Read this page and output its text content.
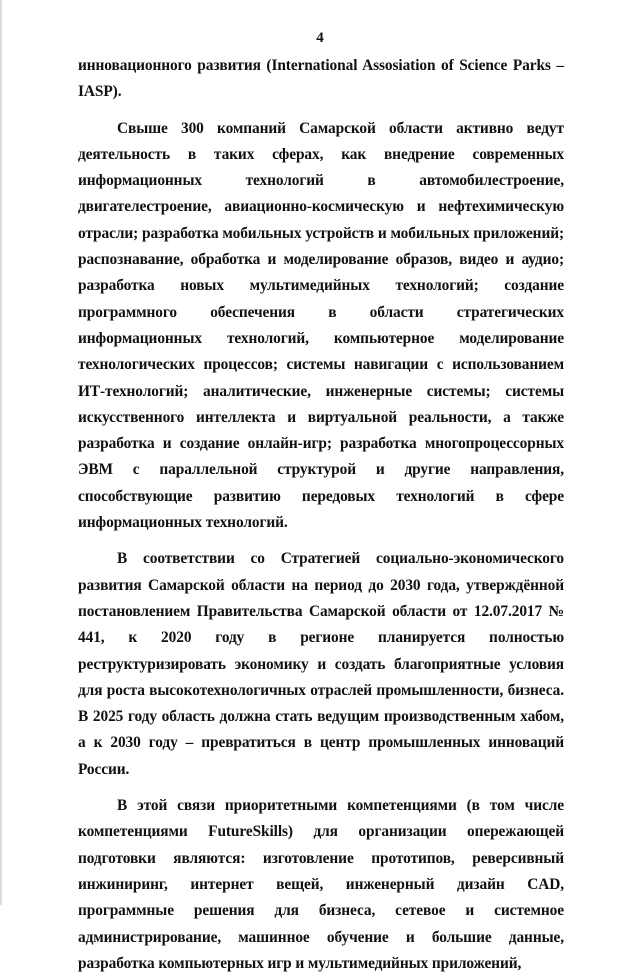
4

инновационного развития (International Assosiation of Science Parks – IASP).

Свыше 300 компаний Самарской области активно ведут деятельность в таких сферах, как внедрение современных информационных технологий в автомобилестроение, двигателестроение, авиационно-космическую и нефтехимическую отрасли; разработка мобильных устройств и мобильных приложений; распознавание, обработка и моделирование образов, видео и аудио; разработка новых мультимедийных технологий; создание программного обеспечения в области стратегических информационных технологий, компьютерное моделирование технологических процессов; системы навигации с использованием ИТ-технологий; аналитические, инженерные системы; системы искусственного интеллекта и виртуальной реальности, а также разработка и создание онлайн-игр; разработка многопроцессорных ЭВМ с параллельной структурой и другие направления, способствующие развитию передовых технологий в сфере информационных технологий.

В соответствии со Стратегией социально-экономического развития Самарской области на период до 2030 года, утверждённой постановлением Правительства Самарской области от 12.07.2017 № 441, к 2020 году в регионе планируется полностью реструктуризировать экономику и создать благоприятные условия для роста высокотехнологичных отраслей промышленности, бизнеса. В 2025 году область должна стать ведущим производственным хабом, а к 2030 году – превратиться в центр промышленных инноваций России.

В этой связи приоритетными компетенциями (в том числе компетенциями FutureSkills) для организации опережающей подготовки являются: изготовление прототипов, реверсивный инжиниринг, интернет вещей, инженерный дизайн CAD, программные решения для бизнеса, сетевое и системное администрирование, машинное обучение и большие данные, разработка компьютерных игр и мультимедийных приложений,
